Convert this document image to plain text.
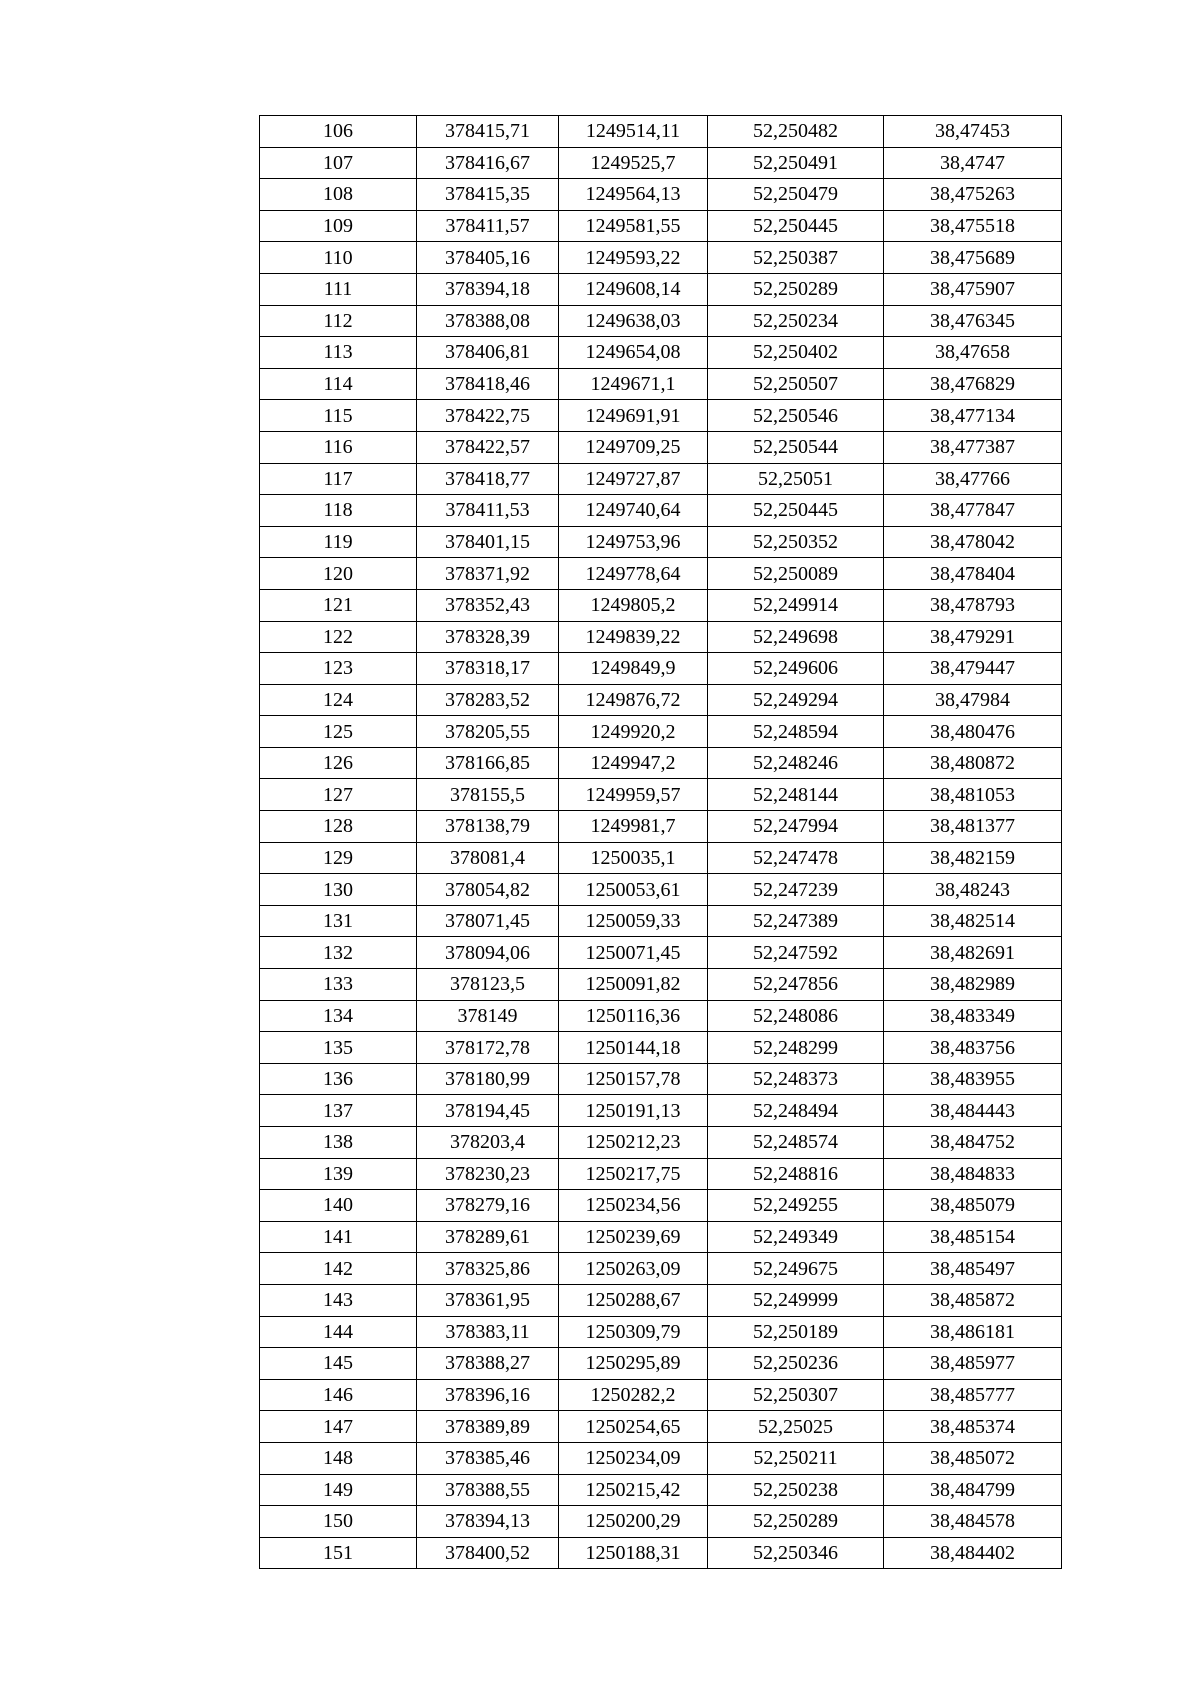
106	378415,71	1249514,11	52,250482	38,47453
107	378416,67	1249525,7	52,250491	38,4747
108	378415,35	1249564,13	52,250479	38,475263
109	378411,57	1249581,55	52,250445	38,475518
110	378405,16	1249593,22	52,250387	38,475689
111	378394,18	1249608,14	52,250289	38,475907
112	378388,08	1249638,03	52,250234	38,476345
113	378406,81	1249654,08	52,250402	38,47658
114	378418,46	1249671,1	52,250507	38,476829
115	378422,75	1249691,91	52,250546	38,477134
116	378422,57	1249709,25	52,250544	38,477387
117	378418,77	1249727,87	52,25051	38,47766
118	378411,53	1249740,64	52,250445	38,477847
119	378401,15	1249753,96	52,250352	38,478042
120	378371,92	1249778,64	52,250089	38,478404
121	378352,43	1249805,2	52,249914	38,478793
122	378328,39	1249839,22	52,249698	38,479291
123	378318,17	1249849,9	52,249606	38,479447
124	378283,52	1249876,72	52,249294	38,47984
125	378205,55	1249920,2	52,248594	38,480476
126	378166,85	1249947,2	52,248246	38,480872
127	378155,5	1249959,57	52,248144	38,481053
128	378138,79	1249981,7	52,247994	38,481377
129	378081,4	1250035,1	52,247478	38,482159
130	378054,82	1250053,61	52,247239	38,48243
131	378071,45	1250059,33	52,247389	38,482514
132	378094,06	1250071,45	52,247592	38,482691
133	378123,5	1250091,82	52,247856	38,482989
134	378149	1250116,36	52,248086	38,483349
135	378172,78	1250144,18	52,248299	38,483756
136	378180,99	1250157,78	52,248373	38,483955
137	378194,45	1250191,13	52,248494	38,484443
138	378203,4	1250212,23	52,248574	38,484752
139	378230,23	1250217,75	52,248816	38,484833
140	378279,16	1250234,56	52,249255	38,485079
141	378289,61	1250239,69	52,249349	38,485154
142	378325,86	1250263,09	52,249675	38,485497
143	378361,95	1250288,67	52,249999	38,485872
144	378383,11	1250309,79	52,250189	38,486181
145	378388,27	1250295,89	52,250236	38,485977
146	378396,16	1250282,2	52,250307	38,485777
147	378389,89	1250254,65	52,25025	38,485374
148	378385,46	1250234,09	52,250211	38,485072
149	378388,55	1250215,42	52,250238	38,484799
150	378394,13	1250200,29	52,250289	38,484578
151	378400,52	1250188,31	52,250346	38,484402
